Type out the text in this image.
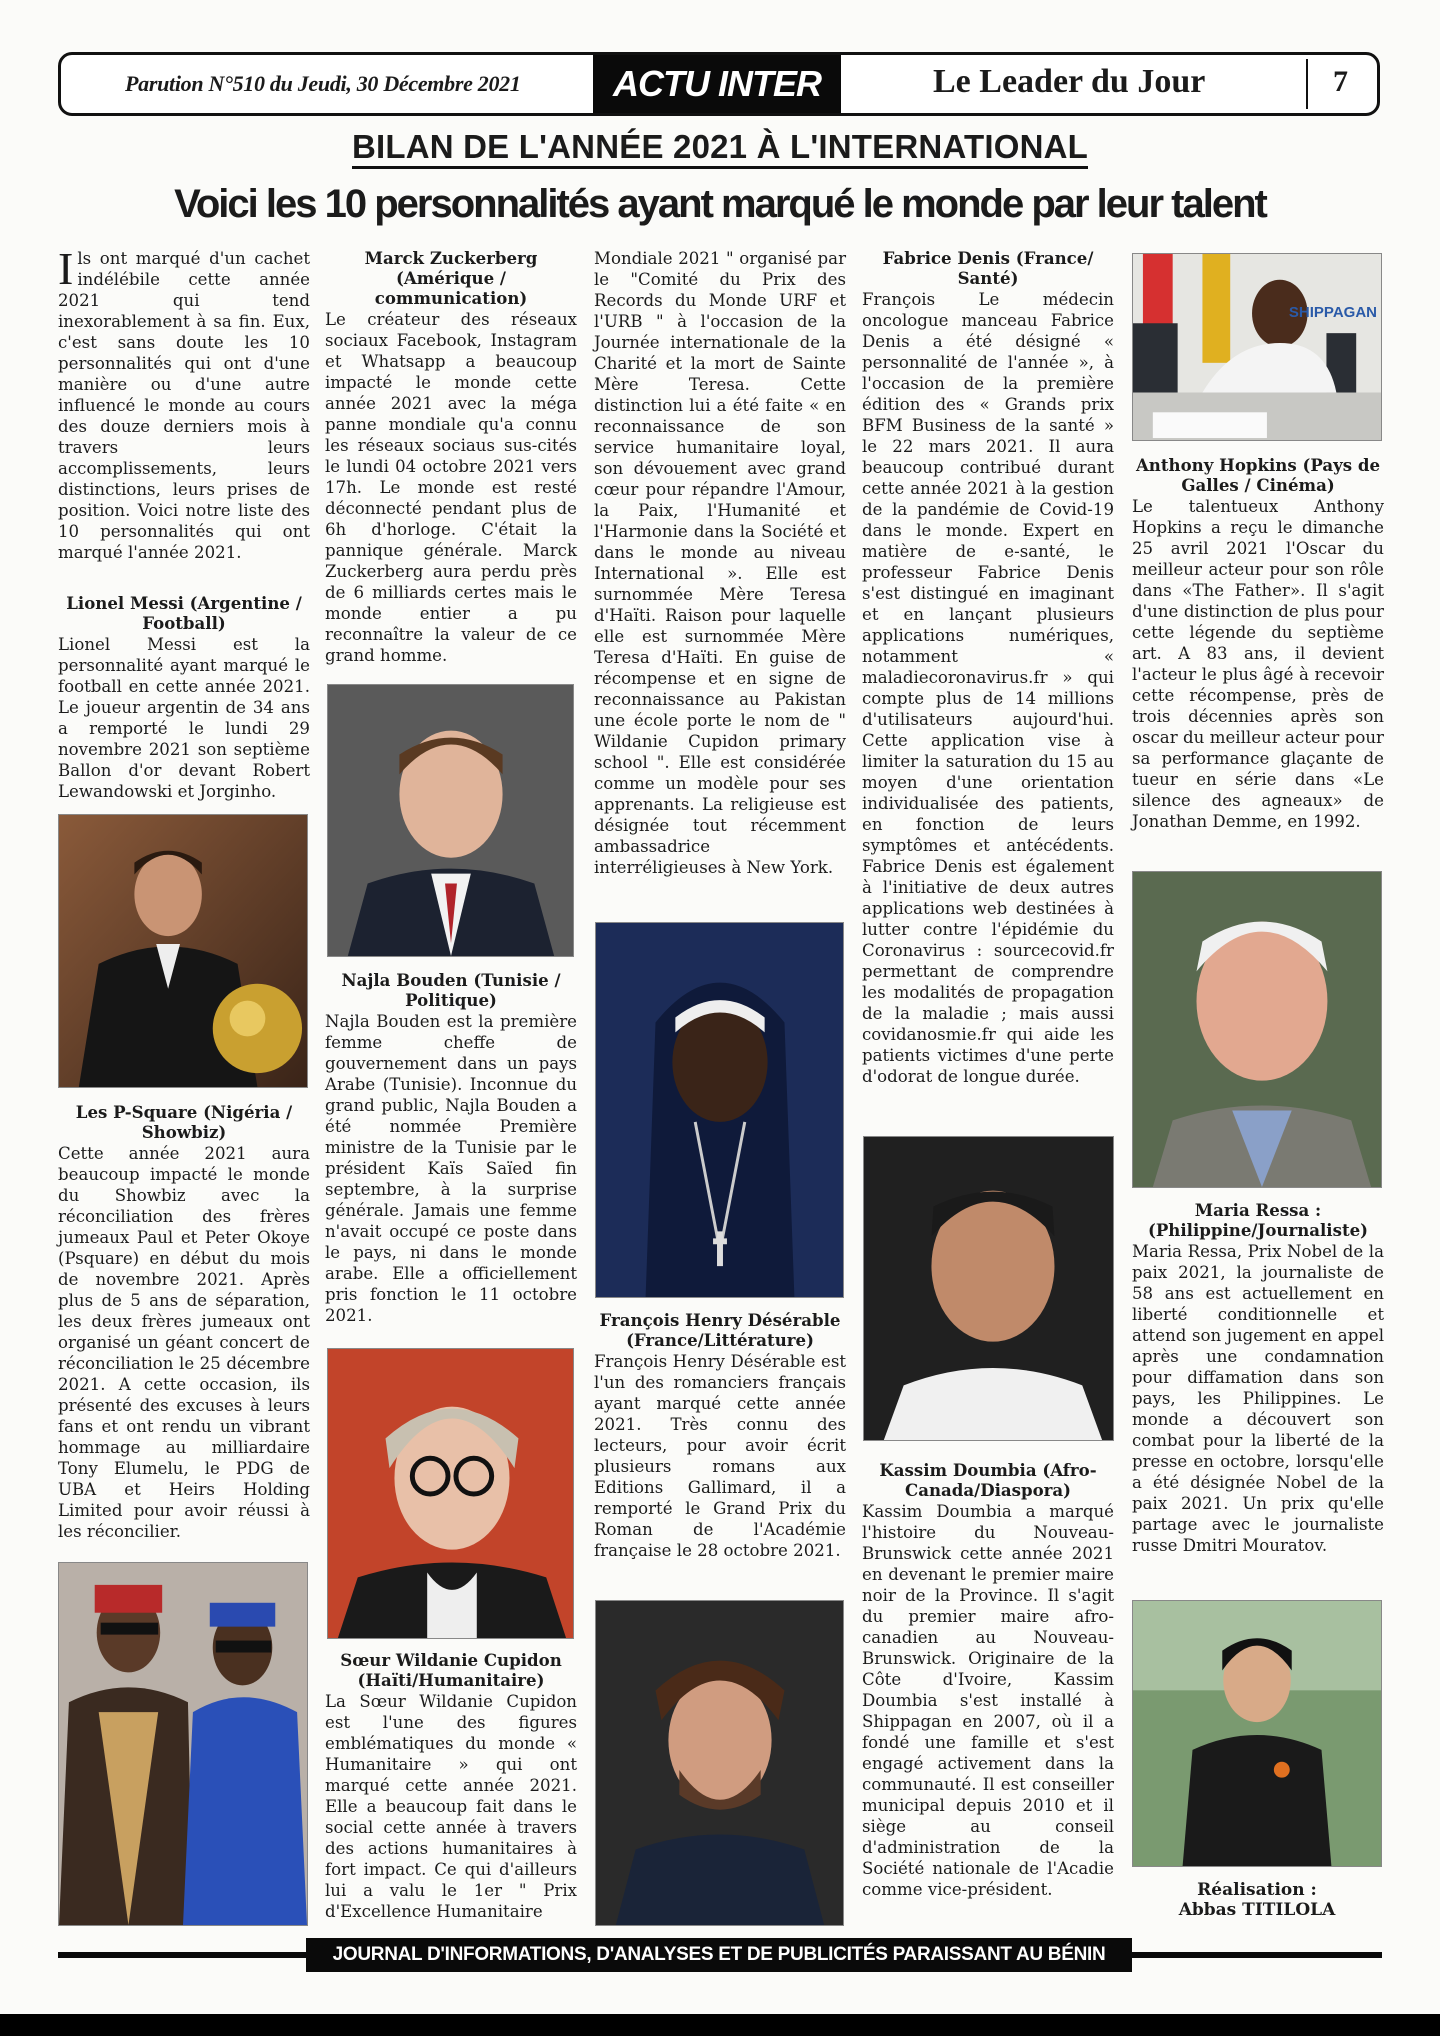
Parution N°510 du Jeudi, 30 Décembre 2021	ACTU INTER	Le Leader du Jour	7
BILAN DE L'ANNÉE 2021 À L'INTERNATIONAL
Voici les 10 personnalités ayant marqué le monde par leur talent
Ils ont marqué d'un cachet indélébile cette année 2021 qui tend inexorablement à sa fin. Eux, c'est sans doute les 10 personnalités qui ont d'une manière ou d'une autre influencé le monde au cours des douze derniers mois à travers leurs accomplissements, leurs distinctions, leurs prises de position. Voici notre liste des 10 personnalités qui ont marqué l'année 2021.
Lionel Messi (Argentine / Football)
Lionel Messi est la personnalité ayant marqué le football en cette année 2021. Le joueur argentin de 34 ans a remporté le lundi 29 novembre 2021 son septième Ballon d'or devant Robert Lewandowski et Jorginho.
Les P-Square (Nigéria / Showbiz)
Cette année 2021 aura beaucoup impacté le monde du Showbiz avec la réconciliation des frères jumeaux Paul et Peter Okoye (Psquare) en début du mois de novembre 2021. Après plus de 5 ans de séparation, les deux frères jumeaux ont organisé un géant concert de réconciliation le 25 décembre 2021. A cette occasion, ils présenté des excuses à leurs fans et ont rendu un vibrant hommage au milliardaire Tony Elumelu, le PDG de UBA et Heirs Holding Limited pour avoir réussi à les réconcilier.
Marck Zuckerberg (Amérique / communication)
Le créateur des réseaux sociaux Facebook, Instagram et Whatsapp a beaucoup impacté le monde cette année 2021 avec la méga panne mondiale qu'a connu les réseaux sociaus sus-cités le lundi 04 octobre 2021 vers 17h. Le monde est resté déconnecté pendant plus de 6h d'horloge. C'était la pannique générale. Marck Zuckerberg aura perdu près de 6 milliards certes mais le monde entier a pu reconnaître la valeur de ce grand homme.
Najla Bouden (Tunisie / Politique)
Najla Bouden est la première femme cheffe de gouvernement dans un pays Arabe (Tunisie). Inconnue du grand public, Najla Bouden a été nommée Première ministre de la Tunisie par le président Kaïs Saïed fin septembre, à la surprise générale. Jamais une femme n'avait occupé ce poste dans le pays, ni dans le monde arabe. Elle a officiellement pris fonction le 11 octobre 2021.
Sœur Wildanie Cupidon (Haïti/Humanitaire)
La Sœur Wildanie Cupidon est l'une des figures emblématiques du monde « Humanitaire » qui ont marqué cette année 2021. Elle a beaucoup fait dans le social cette année à travers des actions humanitaires à fort impact. Ce qui d'ailleurs lui a valu le 1er " Prix d'Excellence Humanitaire
Mondiale 2021 " organisé par le "Comité du Prix des Records du Monde URF et l'URB " à l'occasion de la Journée internationale de la Charité et la mort de Sainte Mère Teresa. Cette distinction lui a été faite « en reconnaissance de son service humanitaire loyal, son dévouement avec grand cœur pour répandre l'Amour, la Paix, l'Humanité et l'Harmonie dans la Société et dans le monde au niveau International ». Elle est surnommée Mère Teresa d'Haïti. Raison pour laquelle elle est surnommée Mère Teresa d'Haïti. En guise de récompense et en signe de reconnaissance au Pakistan une école porte le nom de " Wildanie Cupidon primary school ". Elle est considérée comme un modèle pour ses apprenants. La religieuse est désignée tout récemment ambassadrice interréligieuses à New York.
François Henry Désérable (France/Littérature)
François Henry Désérable est l'un des romanciers français ayant marqué cette année 2021. Très connu des lecteurs, pour avoir écrit plusieurs romans aux Editions Gallimard, il a remporté le Grand Prix du Roman de l'Académie française le 28 octobre 2021.
Fabrice Denis (France/ Santé)
François Le médecin oncologue manceau Fabrice Denis a été désigné « personnalité de l'année », à l'occasion de la première édition des « Grands prix BFM Business de la santé » le 22 mars 2021. Il aura beaucoup contribué durant cette année 2021 à la gestion de la pandémie de Covid-19 dans le monde. Expert en matière de e-santé, le professeur Fabrice Denis s'est distingué en imaginant et en lançant plusieurs applications numériques, notamment « maladiecoronavirus.fr » qui compte plus de 14 millions d'utilisateurs aujourd'hui. Cette application vise à limiter la saturation du 15 au moyen d'une orientation individualisée des patients, en fonction de leurs symptômes et antécédents. Fabrice Denis est également à l'initiative de deux autres applications web destinées à lutter contre l'épidémie du Coronavirus : sourcecovid.fr permettant de comprendre les modalités de propagation de la maladie ; mais aussi covidanosmie.fr qui aide les patients victimes d'une perte d'odorat de longue durée.
Kassim Doumbia (Afro-Canada/Diaspora)
Kassim Doumbia a marqué l'histoire du Nouveau-Brunswick cette année 2021 en devenant le premier maire noir de la Province. Il s'agit du premier maire afro-canadien au Nouveau-Brunswick. Originaire de la Côte d'Ivoire, Kassim Doumbia s'est installé à Shippagan en 2007, où il a fondé une famille et s'est engagé activement dans la communauté. Il est conseiller municipal depuis 2010 et il siège au conseil d'administration de la Société nationale de l'Acadie comme vice-président.
SHIPPAGAN
Anthony Hopkins (Pays de Galles / Cinéma)
Le talentueux Anthony Hopkins a reçu le dimanche 25 avril 2021 l'Oscar du meilleur acteur pour son rôle dans «The Father». Il s'agit d'une distinction de plus pour cette légende du septième art. A 83 ans, il devient l'acteur le plus âgé à recevoir cette récompense, près de trois décennies après son oscar du meilleur acteur pour sa performance glaçante de tueur en série dans «Le silence des agneaux» de Jonathan Demme, en 1992.
Maria Ressa : (Philippine/Journaliste)
Maria Ressa, Prix Nobel de la paix 2021, la journaliste de 58 ans est actuellement en liberté conditionnelle et attend son jugement en appel après une condamnation pour diffamation dans son pays, les Philippines. Le monde a découvert son combat pour la liberté de la presse en octobre, lorsqu'elle a été désignée Nobel de la paix 2021. Un prix qu'elle partage avec le journaliste russe Dmitri Mouratov.
Réalisation :
Abbas TITILOLA
JOURNAL D'INFORMATIONS, D'ANALYSES ET DE PUBLICITÉS PARAISSANT AU BÉNIN
